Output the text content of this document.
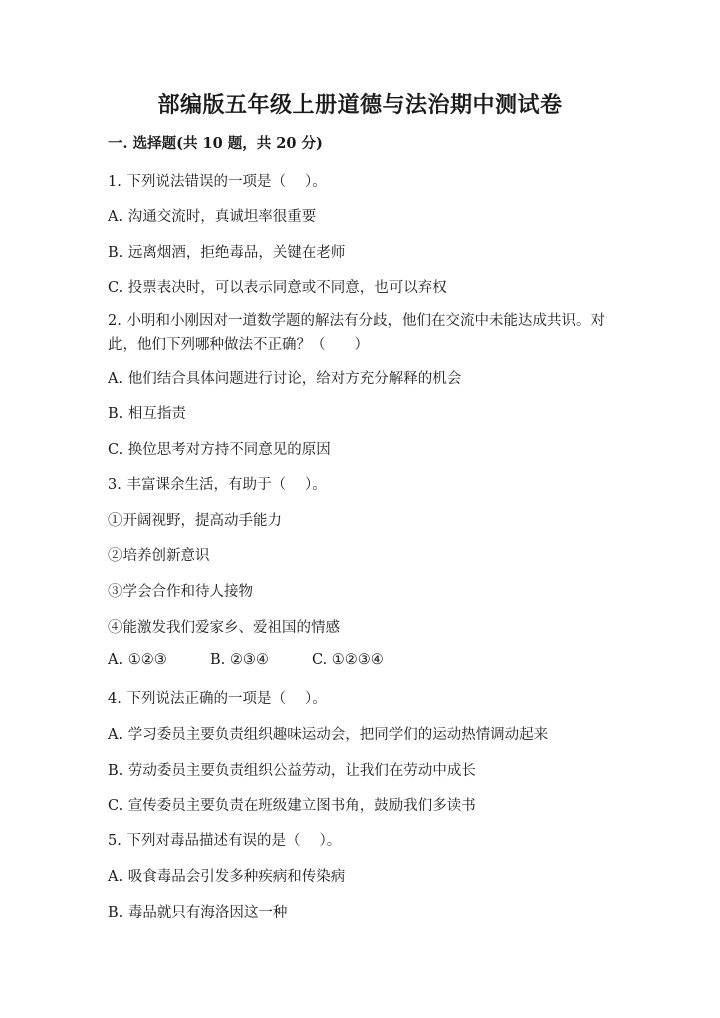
部编版五年级上册道德与法治期中测试卷
一. 选择题(共 10 题，共 20 分)
1. 下列说法错误的一项是（　 ）。
A. 沟通交流时，真诚坦率很重要
B. 远离烟酒，拒绝毒品，关键在老师
C. 投票表决时，可以表示同意或不同意，也可以弃权
2. 小明和小刚因对一道数学题的解法有分歧，他们在交流中未能达成共识。对此，他们下列哪种做法不正确？（　　）
A. 他们结合具体问题进行讨论，给对方充分解释的机会
B. 相互指责
C. 换位思考对方持不同意见的原因
3. 丰富课余生活，有助于（　 ）。
①开阔视野，提高动手能力
②培养创新意识
③学会合作和待人接物
④能激发我们爱家乡、爱祖国的情感
A. ①②③	B. ②③④	C. ①②③④
4. 下列说法正确的一项是（　 ）。
A. 学习委员主要负责组织趣味运动会，把同学们的运动热情调动起来
B. 劳动委员主要负责组织公益劳动，让我们在劳动中成长
C. 宣传委员主要负责在班级建立图书角，鼓励我们多读书
5. 下列对毒品描述有误的是（　 ）。
A. 吸食毒品会引发多种疾病和传染病
B. 毒品就只有海洛因这一种
